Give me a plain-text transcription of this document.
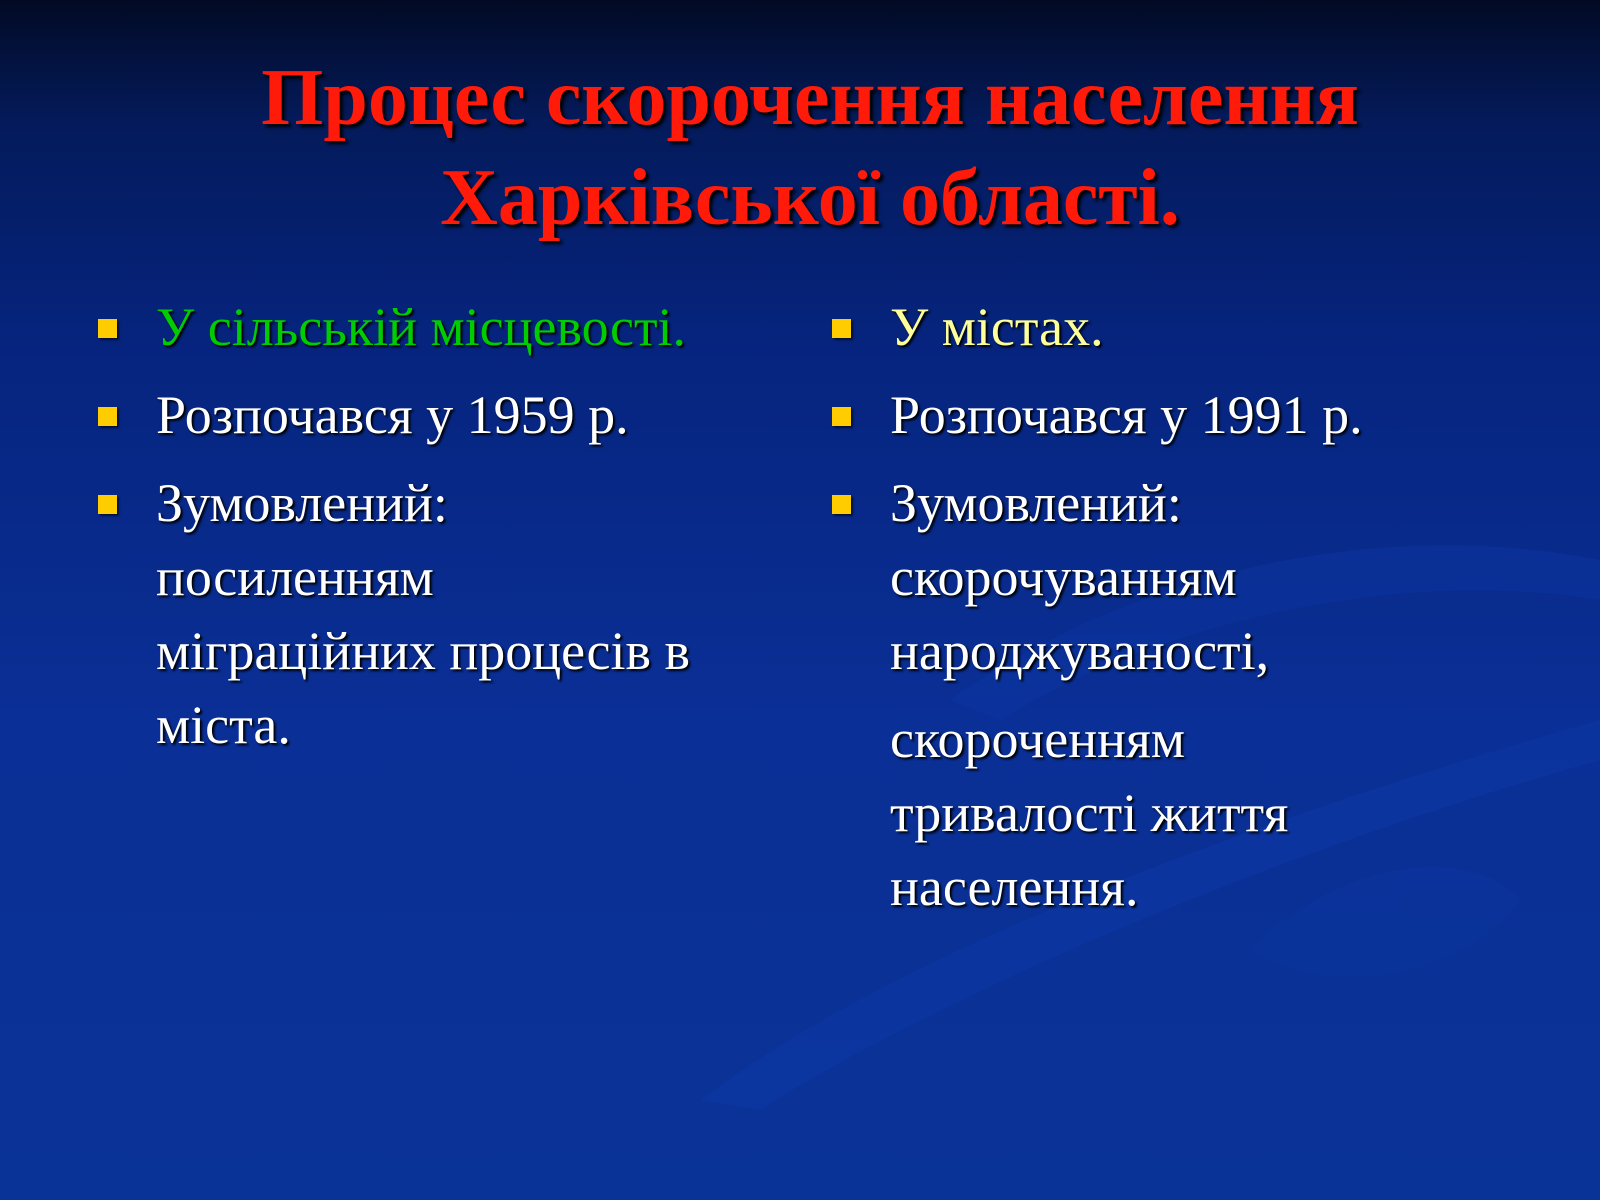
Процес скорочення населення
Харківської області.
У сільській місцевості.
Розпочався у 1959 р.
Зумовлений:
посиленням
міграційних процесів в
міста.
У містах.
Розпочався у 1991 р.
Зумовлений:
скорочуванням
народжуваності,
скороченням
тривалості життя
населення.
